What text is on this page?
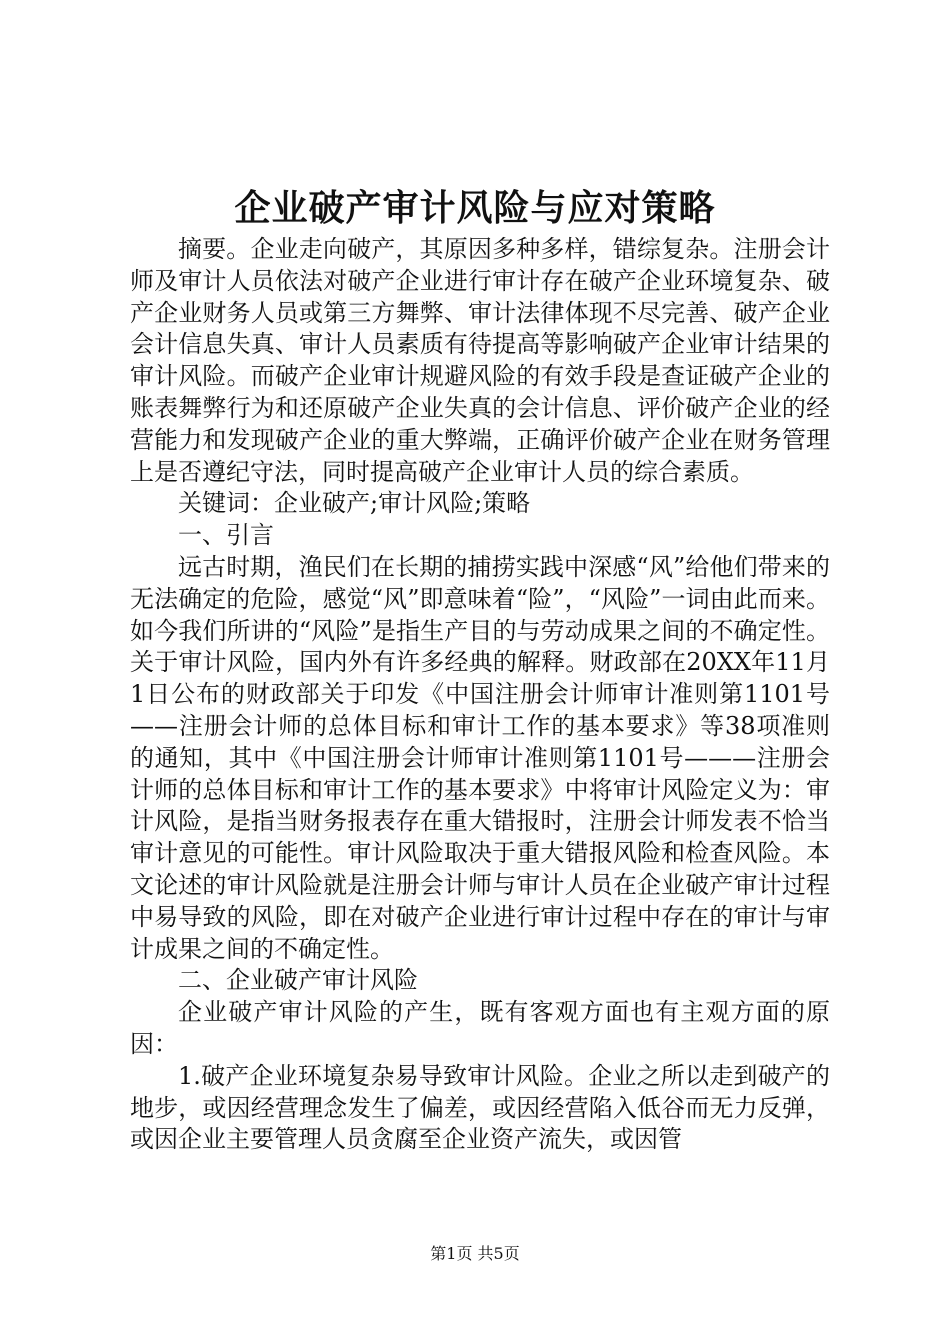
企业破产审计风险与应对策略

摘要。企业走向破产，其原因多种多样，错综复杂。注册会计师及审计人员依法对破产企业进行审计存在破产企业环境复杂、破产企业财务人员或第三方舞弊、审计法律体现不尽完善、破产企业会计信息失真、审计人员素质有待提高等影响破产企业审计结果的审计风险。而破产企业审计规避风险的有效手段是查证破产企业的账表舞弊行为和还原破产企业失真的会计信息、评价破产企业的经营能力和发现破产企业的重大弊端，正确评价破产企业在财务管理上是否遵纪守法，同时提高破产企业审计人员的综合素质。

关键词：企业破产;审计风险;策略

一、引言

远古时期，渔民们在长期的捕捞实践中深感“风”给他们带来的无法确定的危险，感觉“风”即意味着“险”，“风险”一词由此而来。如今我们所讲的“风险”是指生产目的与劳动成果之间的不确定性。关于审计风险，国内外有许多经典的解释。财政部在20XX年11月1日公布的财政部关于印发《中国注册会计师审计准则第1101号——注册会计师的总体目标和审计工作的基本要求》等38项准则的通知，其中《中国注册会计师审计准则第1101号———注册会计师的总体目标和审计工作的基本要求》中将审计风险定义为：审计风险，是指当财务报表存在重大错报时，注册会计师发表不恰当审计意见的可能性。审计风险取决于重大错报风险和检查风险。本文论述的审计风险就是注册会计师与审计人员在企业破产审计过程中易导致的风险，即在对破产企业进行审计过程中存在的审计与审计成果之间的不确定性。

二、企业破产审计风险

企业破产审计风险的产生，既有客观方面也有主观方面的原因：

1.破产企业环境复杂易导致审计风险。企业之所以走到破产的地步，或因经营理念发生了偏差，或因经营陷入低谷而无力反弹，或因企业主要管理人员贪腐至企业资产流失，或因管

第1页 共5页
